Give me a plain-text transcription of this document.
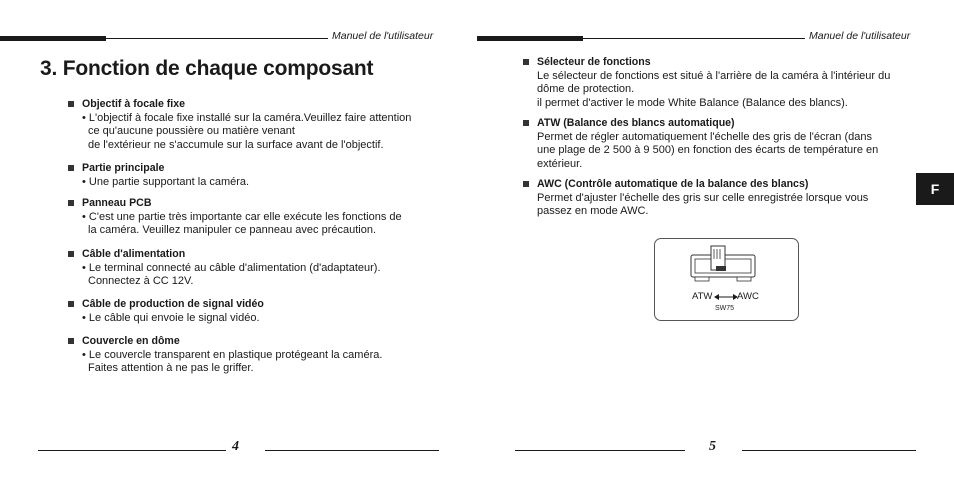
Manuel de l'utilisateur
3. Fonction de chaque composant
Objectif à focale fixe
• L'objectif à focale fixe installé sur la caméra.Veuillez faire attention
ce qu'aucune poussière ou matière venant
de l'extérieur ne s'accumule sur la surface avant de l'objectif.
Partie principale
• Une partie supportant la caméra.
Panneau PCB
• C'est une partie très importante car elle exécute les fonctions de
la caméra. Veuillez manipuler ce panneau avec précaution.
Câble d'alimentation
• Le terminal connecté au câble d'alimentation (d'adaptateur).
Connectez à CC 12V.
Câble de production de signal vidéo
• Le câble qui envoie le signal vidéo.
Couvercle en dôme
• Le couvercle transparent en plastique protégeant la caméra.
Faites attention à ne pas le griffer.
4
Manuel de l'utilisateur
Sélecteur de fonctions
Le sélecteur de fonctions est situé à l'arrière de la caméra à l'intérieur du
dôme de protection.
il permet d'activer le mode White Balance (Balance des blancs).
ATW (Balance des blancs automatique)
Permet de régler automatiquement l'échelle des gris de l'écran (dans
une plage de 2 500 à 9 500) en fonction des écarts de température en
extérieur.
AWC (Contrôle automatique de la balance des blancs)
Permet d'ajuster l'échelle des gris sur celle enregistrée lorsque vous
passez en mode AWC.
5
F
ATW	AWC
SW75
